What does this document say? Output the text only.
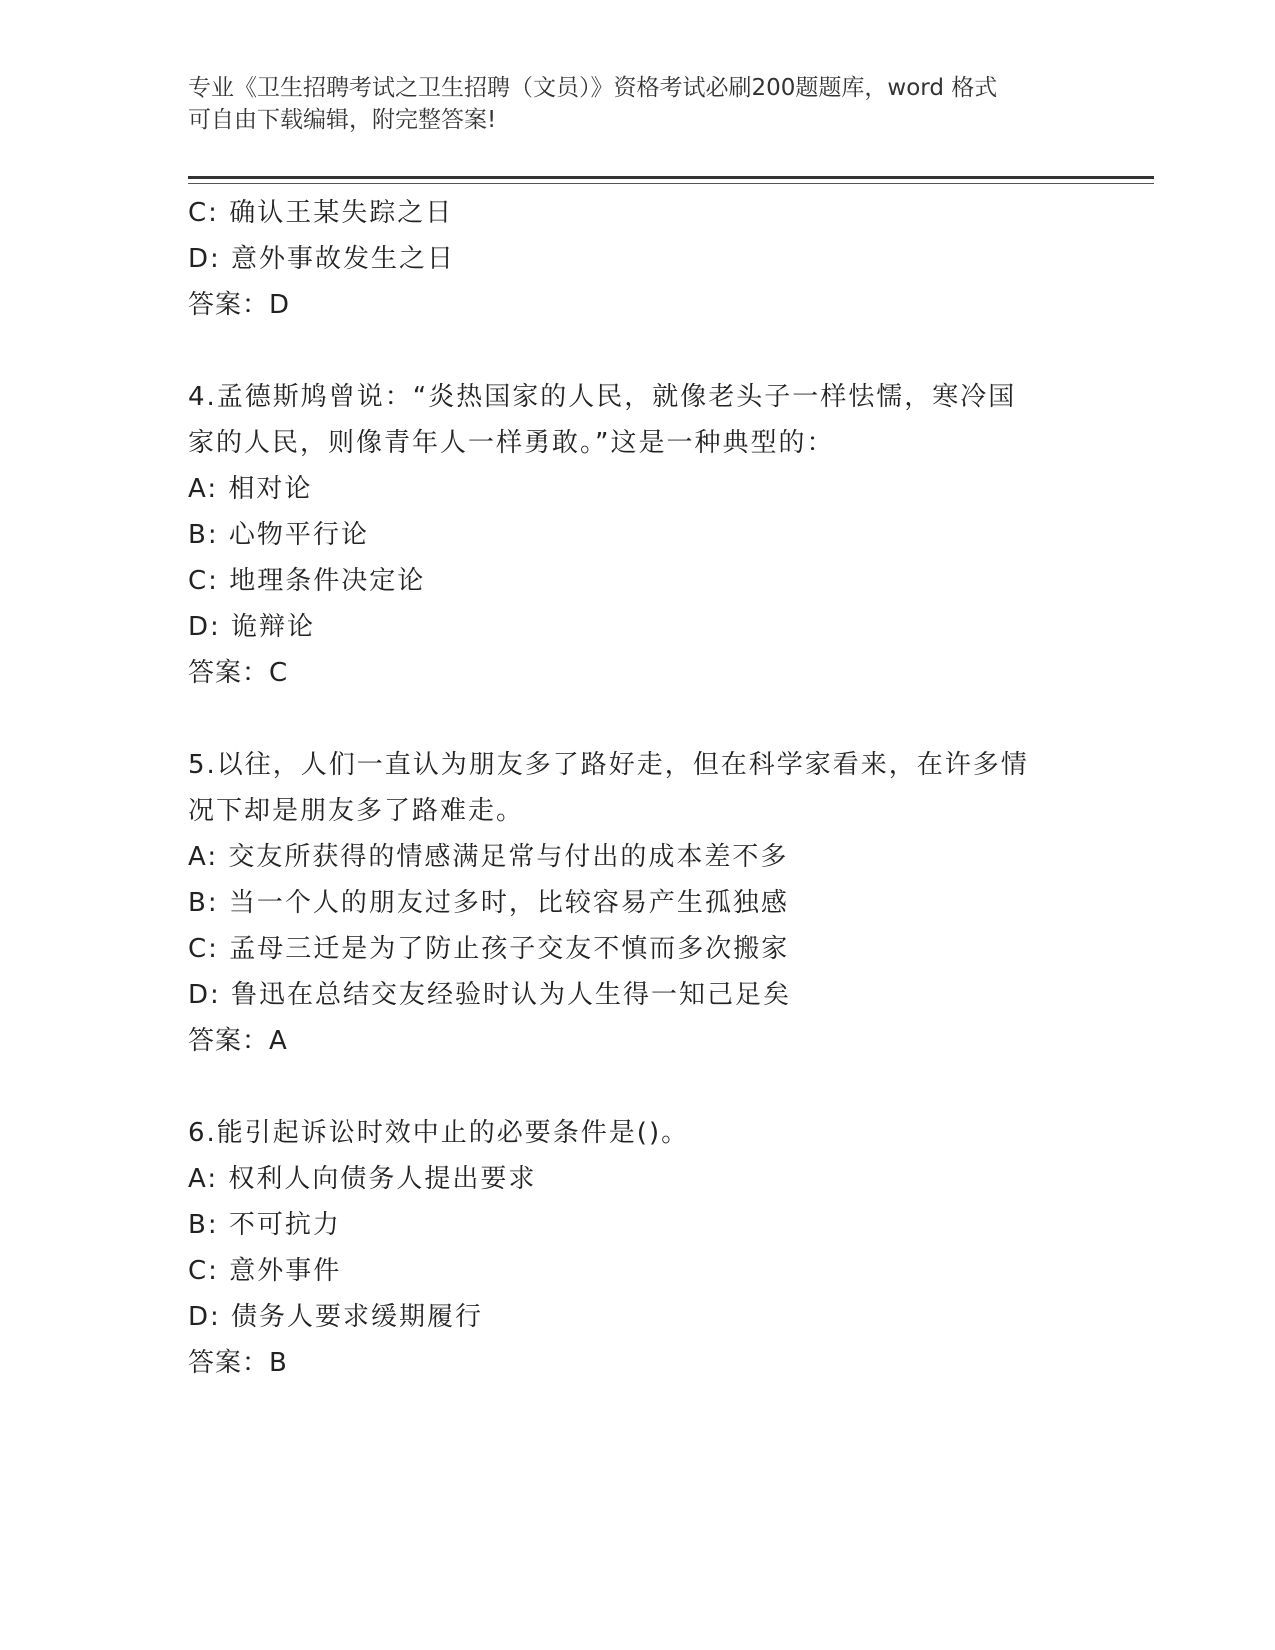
专业《卫生招聘考试之卫生招聘（文员）》资格考试必刷200题题库，word 格式
可自由下载编辑，附完整答案!
C: 确认王某失踪之日
D: 意外事故发生之日
答案：D
4.孟德斯鸠曾说：“炎热国家的人民，就像老头子一样怯懦，寒冷国
家的人民，则像青年人一样勇敢。”这是一种典型的：
A: 相对论
B: 心物平行论
C: 地理条件决定论
D: 诡辩论
答案：C
5.以往，人们一直认为朋友多了路好走，但在科学家看来，在许多情
况下却是朋友多了路难走。
A: 交友所获得的情感满足常与付出的成本差不多
B: 当一个人的朋友过多时，比较容易产生孤独感
C: 孟母三迁是为了防止孩子交友不慎而多次搬家
D: 鲁迅在总结交友经验时认为人生得一知己足矣
答案：A
6.能引起诉讼时效中止的必要条件是()。
A: 权利人向债务人提出要求
B: 不可抗力
C: 意外事件
D: 债务人要求缓期履行
答案：B
